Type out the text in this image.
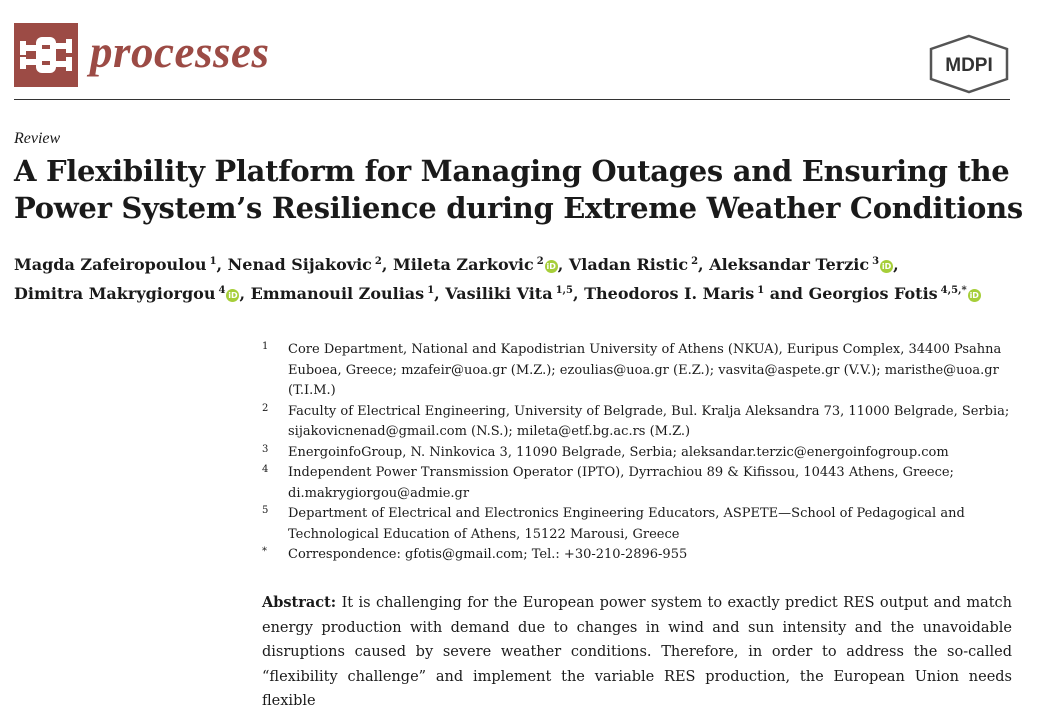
processes	MDPI
Review
A Flexibility Platform for Managing Outages and Ensuring the Power System’s Resilience during Extreme Weather Conditions
Magda Zafeiropoulou $^1$, Nenad Sijakovic $^2$, Mileta Zarkovic $^2$ iD , Vladan Ristic $^2$, Aleksandar Terzic $^3$ iD ,
Dimitra Makrygiorgou $^4$ iD , Emmanouil Zoulias $^1$, Vasiliki Vita $^{1,5}$, Theodoros I. Maris $^1$ and Georgios Fotis $^{4,5,*}$ iD
1 Core Department, National and Kapodistrian University of Athens (NKUA), Euripus Complex, 34400 Psahna Euboea, Greece; mzafeir@uoa.gr (M.Z.); ezoulias@uoa.gr (E.Z.); vasvita@aspete.gr (V.V.); maristhe@uoa.gr (T.I.M.)
2 Faculty of Electrical Engineering, University of Belgrade, Bul. Kralja Aleksandra 73, 11000 Belgrade, Serbia; sijakovicnenad@gmail.com (N.S.); mileta@etf.bg.ac.rs (M.Z.)
3 EnergoinfoGroup, N. Ninkovica 3, 11090 Belgrade, Serbia; aleksandar.terzic@energoinfogroup.com
4 Independent Power Transmission Operator (IPTO), Dyrrachiou 89 & Kifissou, 10443 Athens, Greece; di.makrygiorgou@admie.gr
5 Department of Electrical and Electronics Engineering Educators, ASPETE—School of Pedagogical and Technological Education of Athens, 15122 Marousi, Greece
* Correspondence: gfotis@gmail.com; Tel.: +30-210-2896-955
Abstract: It is challenging for the European power system to exactly predict RES output and match energy production with demand due to changes in wind and sun intensity and the unavoidable disruptions caused by severe weather conditions. Therefore, in order to address the so-called “flexibility challenge” and implement the variable RES production, the European Union needs flexible
